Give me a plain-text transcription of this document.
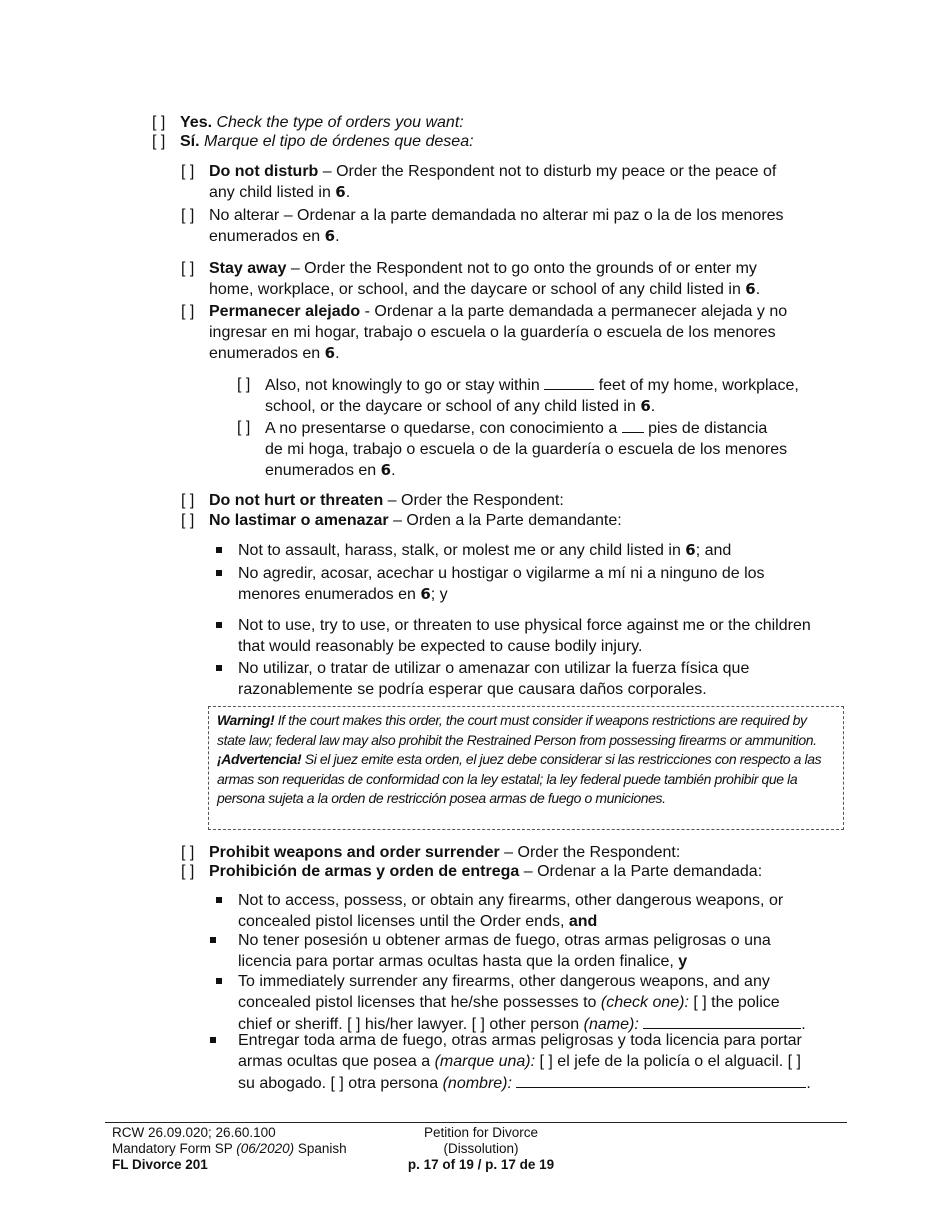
[ ] Yes. Check the type of orders you want:
[ ] Sí. Marque el tipo de órdenes que desea:
[ ] Do not disturb – Order the Respondent not to disturb my peace or the peace of
any child listed in 6.
[ ] No alterar – Ordenar a la parte demandada no alterar mi paz o la de los menores
enumerados en 6.
[ ] Stay away – Order the Respondent not to go onto the grounds of or enter my
home, workplace, or school, and the daycare or school of any child listed in 6.
[ ] Permanecer alejado - Ordenar a la parte demandada a permanecer alejada y no
ingresar en mi hogar, trabajo o escuela o la guardería o escuela de los menores
enumerados en 6.
[ ] Also, not knowingly to go or stay within	feet of my home, workplace,
school, or the daycare or school of any child listed in 6.
[ ] A no presentarse o quedarse, con conocimiento a  pies de distancia
de mi hoga, trabajo o escuela o de la guardería o escuela de los menores
enumerados en 6.
[ ] Do not hurt or threaten – Order the Respondent:
[ ] No lastimar o amenazar – Orden a la Parte demandante:
Not to assault, harass, stalk, or molest me or any child listed in 6; and
No agredir, acosar, acechar u hostigar o vigilarme a mí ni a ninguno de los
menores enumerados en 6; y
Not to use, try to use, or threaten to use physical force against me or the children
that would reasonably be expected to cause bodily injury.
No utilizar, o tratar de utilizar o amenazar con utilizar la fuerza física que
razonablemente se podría esperar que causara daños corporales.
Warning! If the court makes this order, the court must consider if weapons restrictions are required by state law; federal law may also prohibit the Restrained Person from possessing firearms or ammunition.
¡Advertencia! Si el juez emite esta orden, el juez debe considerar si las restricciones con respecto a las armas son requeridas de conformidad con la ley estatal; la ley federal puede también prohibir que la persona sujeta a la orden de restricción posea armas de fuego o municiones.
[ ] Prohibit weapons and order surrender – Order the Respondent:
[ ] Prohibición de armas y orden de entrega – Ordenar a la Parte demandada:
Not to access, possess, or obtain any firearms, other dangerous weapons, or
concealed pistol licenses until the Order ends, and
No tener posesión u obtener armas de fuego, otras armas peligrosas o una
licencia para portar armas ocultas hasta que la orden finalice, y
To immediately surrender any firearms, other dangerous weapons, and any
concealed pistol licenses that he/she possesses to (check one): [ ] the police
chief or sheriff. [ ] his/her lawyer. [ ] other person (name):	.
Entregar toda arma de fuego, otras armas peligrosas y toda licencia para portar
armas ocultas que posea a (marque una): [ ] el jefe de la policía o el alguacil. [ ]
su abogado. [ ] otra persona (nombre):	.
RCW 26.09.020; 26.60.100
Mandatory Form SP (06/2020) Spanish
FL Divorce 201
Petition for Divorce
(Dissolution)
p. 17 of 19 / p. 17 de 19
